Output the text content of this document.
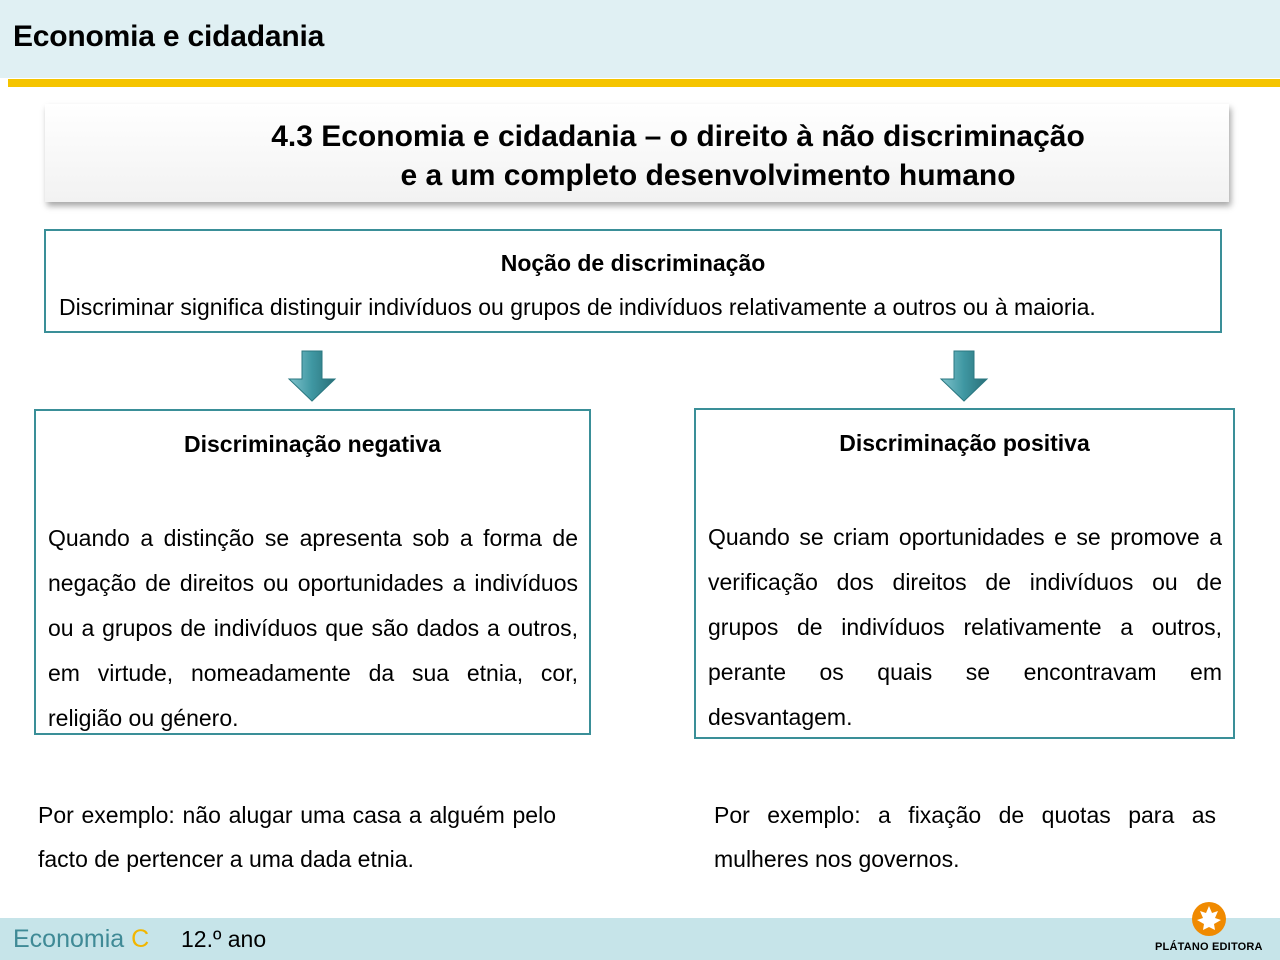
Economia e cidadania
4.3 Economia e cidadania – o direito à não discriminação
e a um completo desenvolvimento humano
Noção de discriminação
Discriminar significa distinguir indivíduos ou grupos de indivíduos relativamente a outros ou à maioria.
Discriminação negativa
Quando a distinção se apresenta sob a forma de negação de direitos ou oportunidades a indivíduos ou a grupos de indivíduos que são dados a outros, em virtude, nomeadamente da sua etnia, cor, religião ou género.
Discriminação positiva
Quando se criam oportunidades e se promove a verificação dos direitos de indivíduos ou de grupos de indivíduos relativamente a outros, perante os quais se encontravam em desvantagem.
Por exemplo: não alugar uma casa a alguém pelo facto de pertencer a uma dada etnia.
Por exemplo: a fixação de quotas para as mulheres nos governos.
Economia C 12.º ano	PLÁTANO EDITORA
